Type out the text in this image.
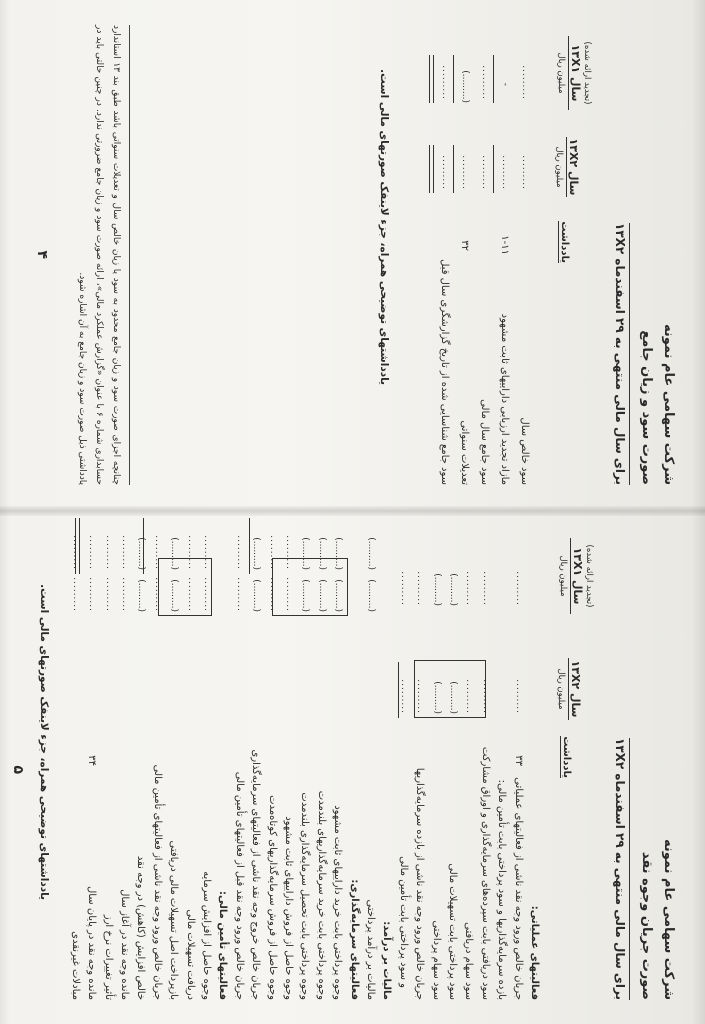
شرکت سهامی عام نمونه
صورت سود و زیان جامع
برای سال مالی منتهی به ۲۹ اسفندماه ۱۳X۲
یادداشت
سال ۱۳X۲
میلیون ریال
(تجدید ارائه شده)
سال ۱۳X۱
میلیون ریال
سود خالص سال
مازاد تجدید ارزیابی داراییهای ثابت مشهود
سود جامع سال مالی
تعدیلات سنواتی
سود جامع شناسایی شده از تاریخ گزارشگری سال قبل
۱-۱۱
۳۲
.........
.........
.........
.........
.........
.........
-
.........
(.........)
.........
یادداشتهای توضیحی همراه، جزء لاینفک صورتهای مالی است.
چنانچه اجزای صورت سود و زیان جامع محدود به سود یا زیان خالص سال و تعدیلات سنواتی باشد طبق بند ۱۳ استاندارد حسابداری شماره ۶ با عنوان «گزارش عملکرد مالی»، ارائه صورت سود و زیان جامع ضرورتی ندارد. در چنین حالتی باید در یادداشتی ذیل صورت سود و زیان جامع به آن اشاره شود.
۴
شرکت سهامی عام نمونه
صورت جریان وجوه نقد
برای سال مالی منتهی به ۲۹ اسفندماه ۱۳X۲
یادداشت
سال ۱۳X۲
میلیون ریال
(تجدید ارائه شده)
سال ۱۳X۱
میلیون ریال
فعالیتهای عملیاتی:
جریان خالص ورود وجه نقد ناشی از فعالیتهای عملیاتی
۳۳
.........
.........
بازده سرمایه‌گذاریها و سود پرداختی بابت تأمین مالی:
سود دریافتی بابت سپرده‌های سرمایه‌گذاری و اوراق مشارکت
.........
.........
سود سهام دریافتی
.........
.........
سود پرداختی بابت تسهیلات مالی
(.........)
(.........)
سود سهام پرداختی
(.........)
(.........)
جریان خالص ورود وجه نقد ناشی از بازده سرمایه‌گذاریها
.........
.........
و سود پرداختی بابت تأمین مالی
.........
.........
مالیات بر درآمد:
مالیات بر درآمد پرداختی
(.........)
(.........)
فعالیتهای سرمایه‌گذاری:
وجوه پرداختی بابت خرید داراییهای ثابت مشهود
(.........)
(.........)
وجوه پرداختی بابت خرید سرمایه‌گذاریهای بلندمدت
(.........)
(.........)
وجوه پرداختی بابت تحصیل سرمایه‌گذاری بلندمدت
(.........)
(.........)
وجوه حاصل از فروش داراییهای ثابت مشهود
.........
.........
وجوه حاصل از فروش سرمایه‌گذاریهای کوتاه‌مدت
.........
.........
جریان خالص خروج وجه نقد ناشی از فعالیتهای سرمایه‌گذاری
(.........)
(.........)
جریان خالص ورود وجه نقد قبل از فعالیتهای تأمین مالی
.........
.........
فعالیتهای تأمین مالی:
وجوه حاصل از افزایش سرمایه
.........
.........
دریافت تسهیلات مالی
.........
.........
بازپرداخت اصل تسهیلات مالی دریافتی
(.........)
(.........)
جریان خالص ورود وجه نقد ناشی از فعالیتهای تأمین مالی
.........
.........
خالص افزایش (کاهش) در وجه نقد
(.........)
(.........)
مانده وجه نقد در آغاز سال
.........
.........
تأثیر تغییرات نرخ ارز
.........
.........
مانده وجه نقد در پایان سال
۳۴
.........
.........
مبادلات غیرنقدی
.........
.........
یادداشتهای توضیحی همراه، جزء لاینفک صورتهای مالی است.
۵
